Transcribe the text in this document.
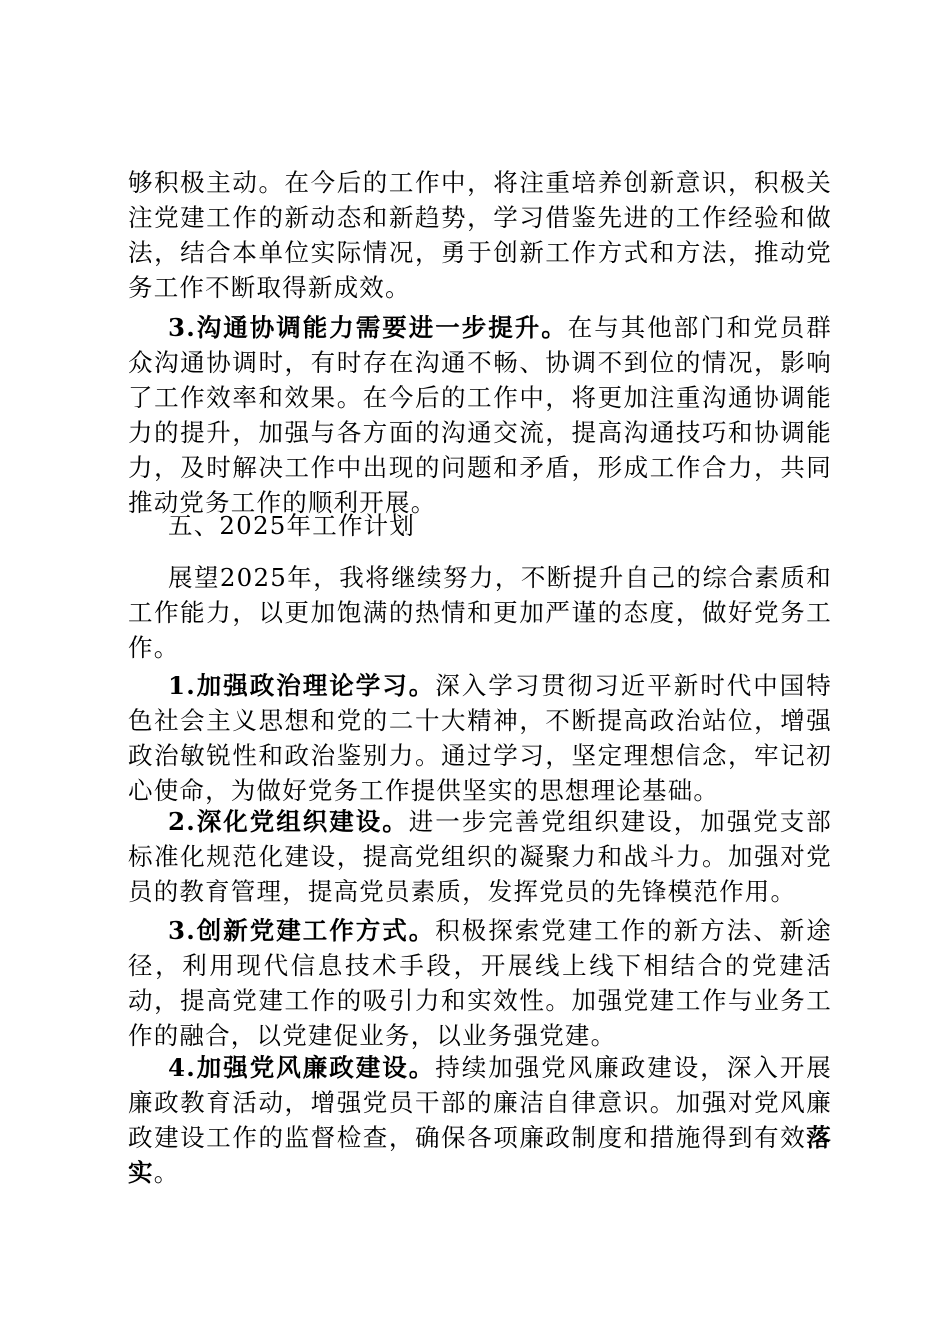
够积极主动。在今后的工作中，将注重培养创新意识，积极关注党建工作的新动态和新趋势，学习借鉴先进的工作经验和做法，结合本单位实际情况，勇于创新工作方式和方法，推动党务工作不断取得新成效。

3.沟通协调能力需要进一步提升。在与其他部门和党员群众沟通协调时，有时存在沟通不畅、协调不到位的情况，影响了工作效率和效果。在今后的工作中，将更加注重沟通协调能力的提升，加强与各方面的沟通交流，提高沟通技巧和协调能力，及时解决工作中出现的问题和矛盾，形成工作合力，共同推动党务工作的顺利开展。

五、2025年工作计划

展望2025年，我将继续努力，不断提升自己的综合素质和工作能力，以更加饱满的热情和更加严谨的态度，做好党务工作。

1.加强政治理论学习。深入学习贯彻习近平新时代中国特色社会主义思想和党的二十大精神，不断提高政治站位，增强政治敏锐性和政治鉴别力。通过学习，坚定理想信念，牢记初心使命，为做好党务工作提供坚实的思想理论基础。

2.深化党组织建设。进一步完善党组织建设，加强党支部标准化规范化建设，提高党组织的凝聚力和战斗力。加强对党员的教育管理，提高党员素质，发挥党员的先锋模范作用。

3.创新党建工作方式。积极探索党建工作的新方法、新途径，利用现代信息技术手段，开展线上线下相结合的党建活动，提高党建工作的吸引力和实效性。加强党建工作与业务工作的融合，以党建促业务，以业务强党建。

4.加强党风廉政建设。持续加强党风廉政建设，深入开展廉政教育活动，增强党员干部的廉洁自律意识。加强对党风廉政建设工作的监督检查，确保各项廉政制度和措施得到有效落实。
